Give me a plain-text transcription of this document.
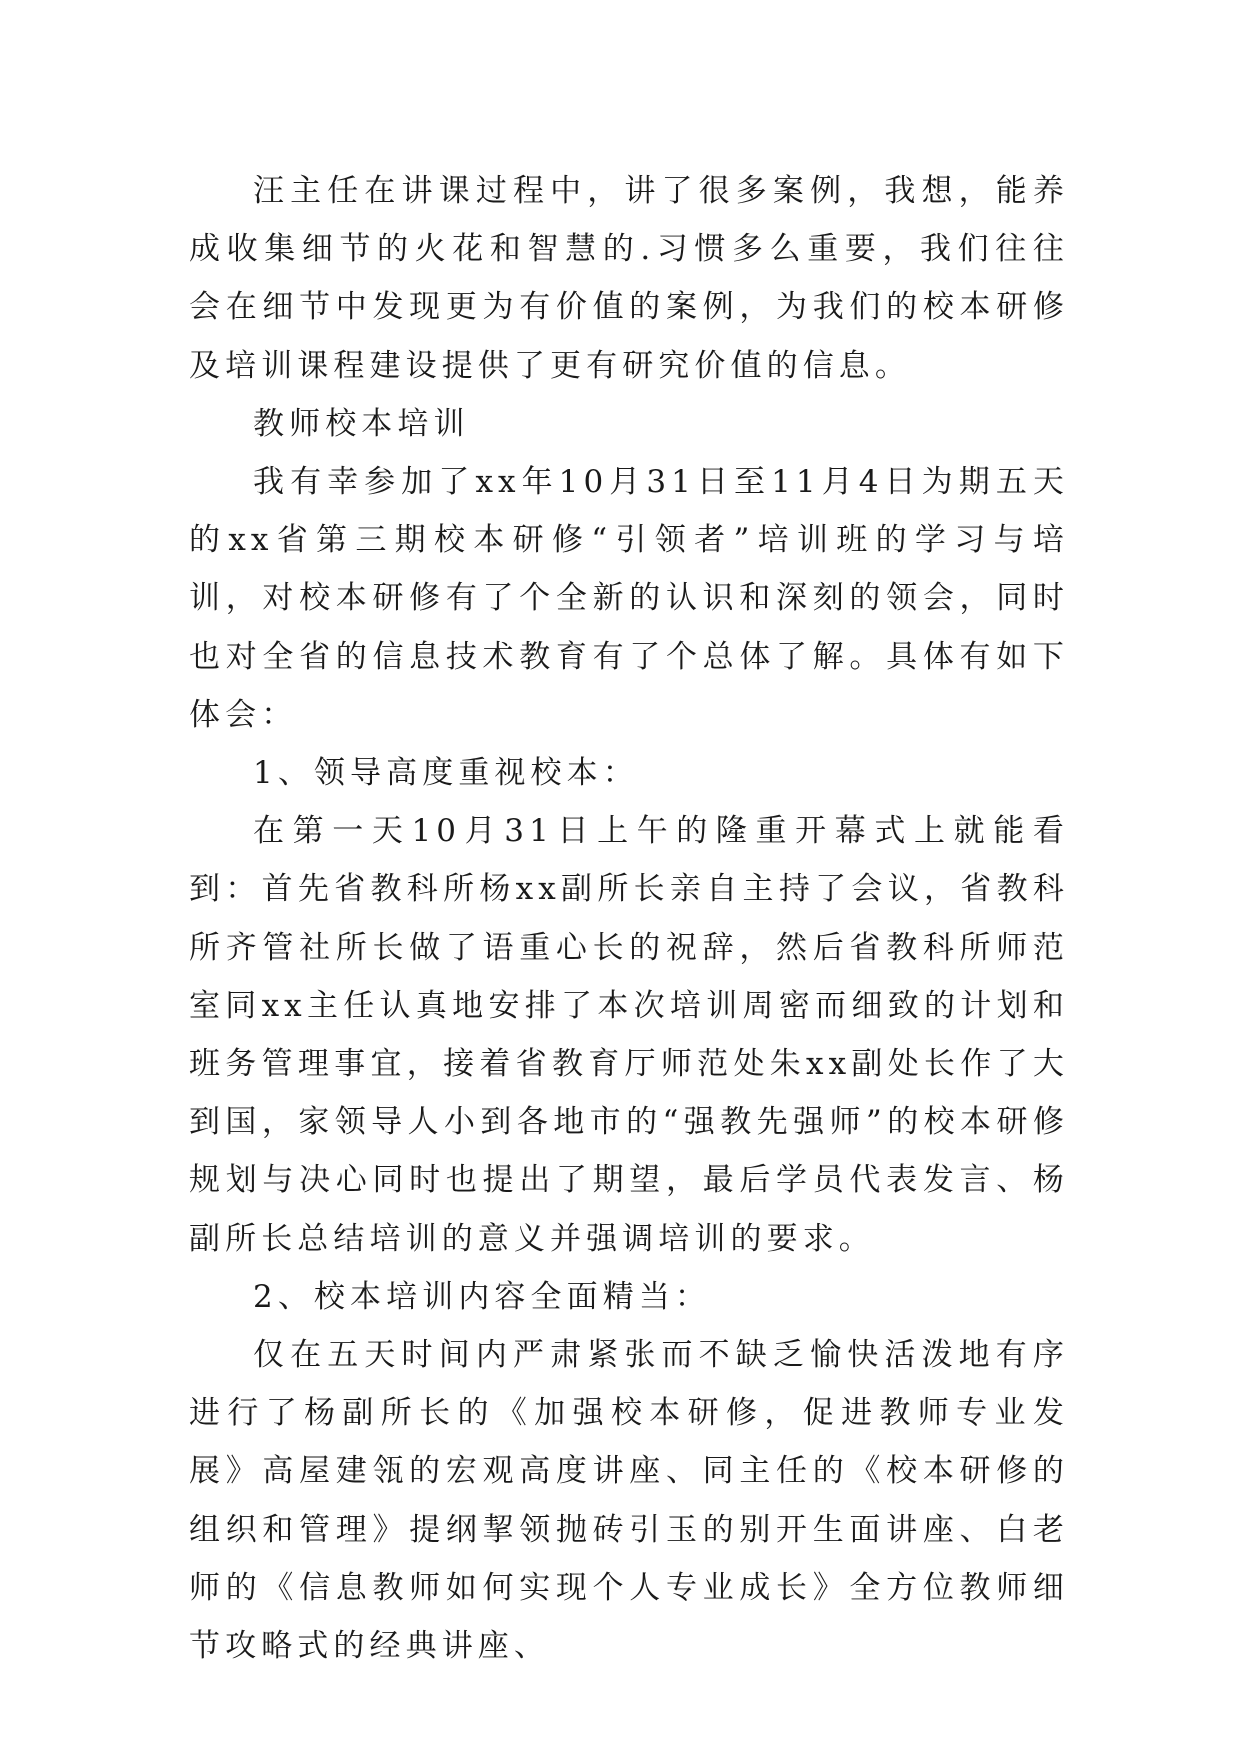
汪主任在讲课过程中，讲了很多案例，我想，能养成收集细节的火花和智慧的.习惯多么重要，我们往往会在细节中发现更为有价值的案例，为我们的校本研修及培训课程建设提供了更有研究价值的信息。

教师校本培训

我有幸参加了xx年10月31日至11月4日为期五天的xx省第三期校本研修“引领者”培训班的学习与培训，对校本研修有了个全新的认识和深刻的领会，同时也对全省的信息技术教育有了个总体了解。具体有如下体会：

1、领导高度重视校本：

在第一天10月31日上午的隆重开幕式上就能看到：首先省教科所杨xx副所长亲自主持了会议，省教科所齐管社所长做了语重心长的祝辞，然后省教科所师范室同xx主任认真地安排了本次培训周密而细致的计划和班务管理事宜，接着省教育厅师范处朱xx副处长作了大到国，家领导人小到各地市的“强教先强师”的校本研修规划与决心同时也提出了期望，最后学员代表发言、杨副所长总结培训的意义并强调培训的要求。

2、校本培训内容全面精当：

仅在五天时间内严肃紧张而不缺乏愉快活泼地有序进行了杨副所长的《加强校本研修，促进教师专业发展》高屋建瓴的宏观高度讲座、同主任的《校本研修的组织和管理》提纲挈领抛砖引玉的别开生面讲座、白老师的《信息教师如何实现个人专业成长》全方位教师细节攻略式的经典讲座、
